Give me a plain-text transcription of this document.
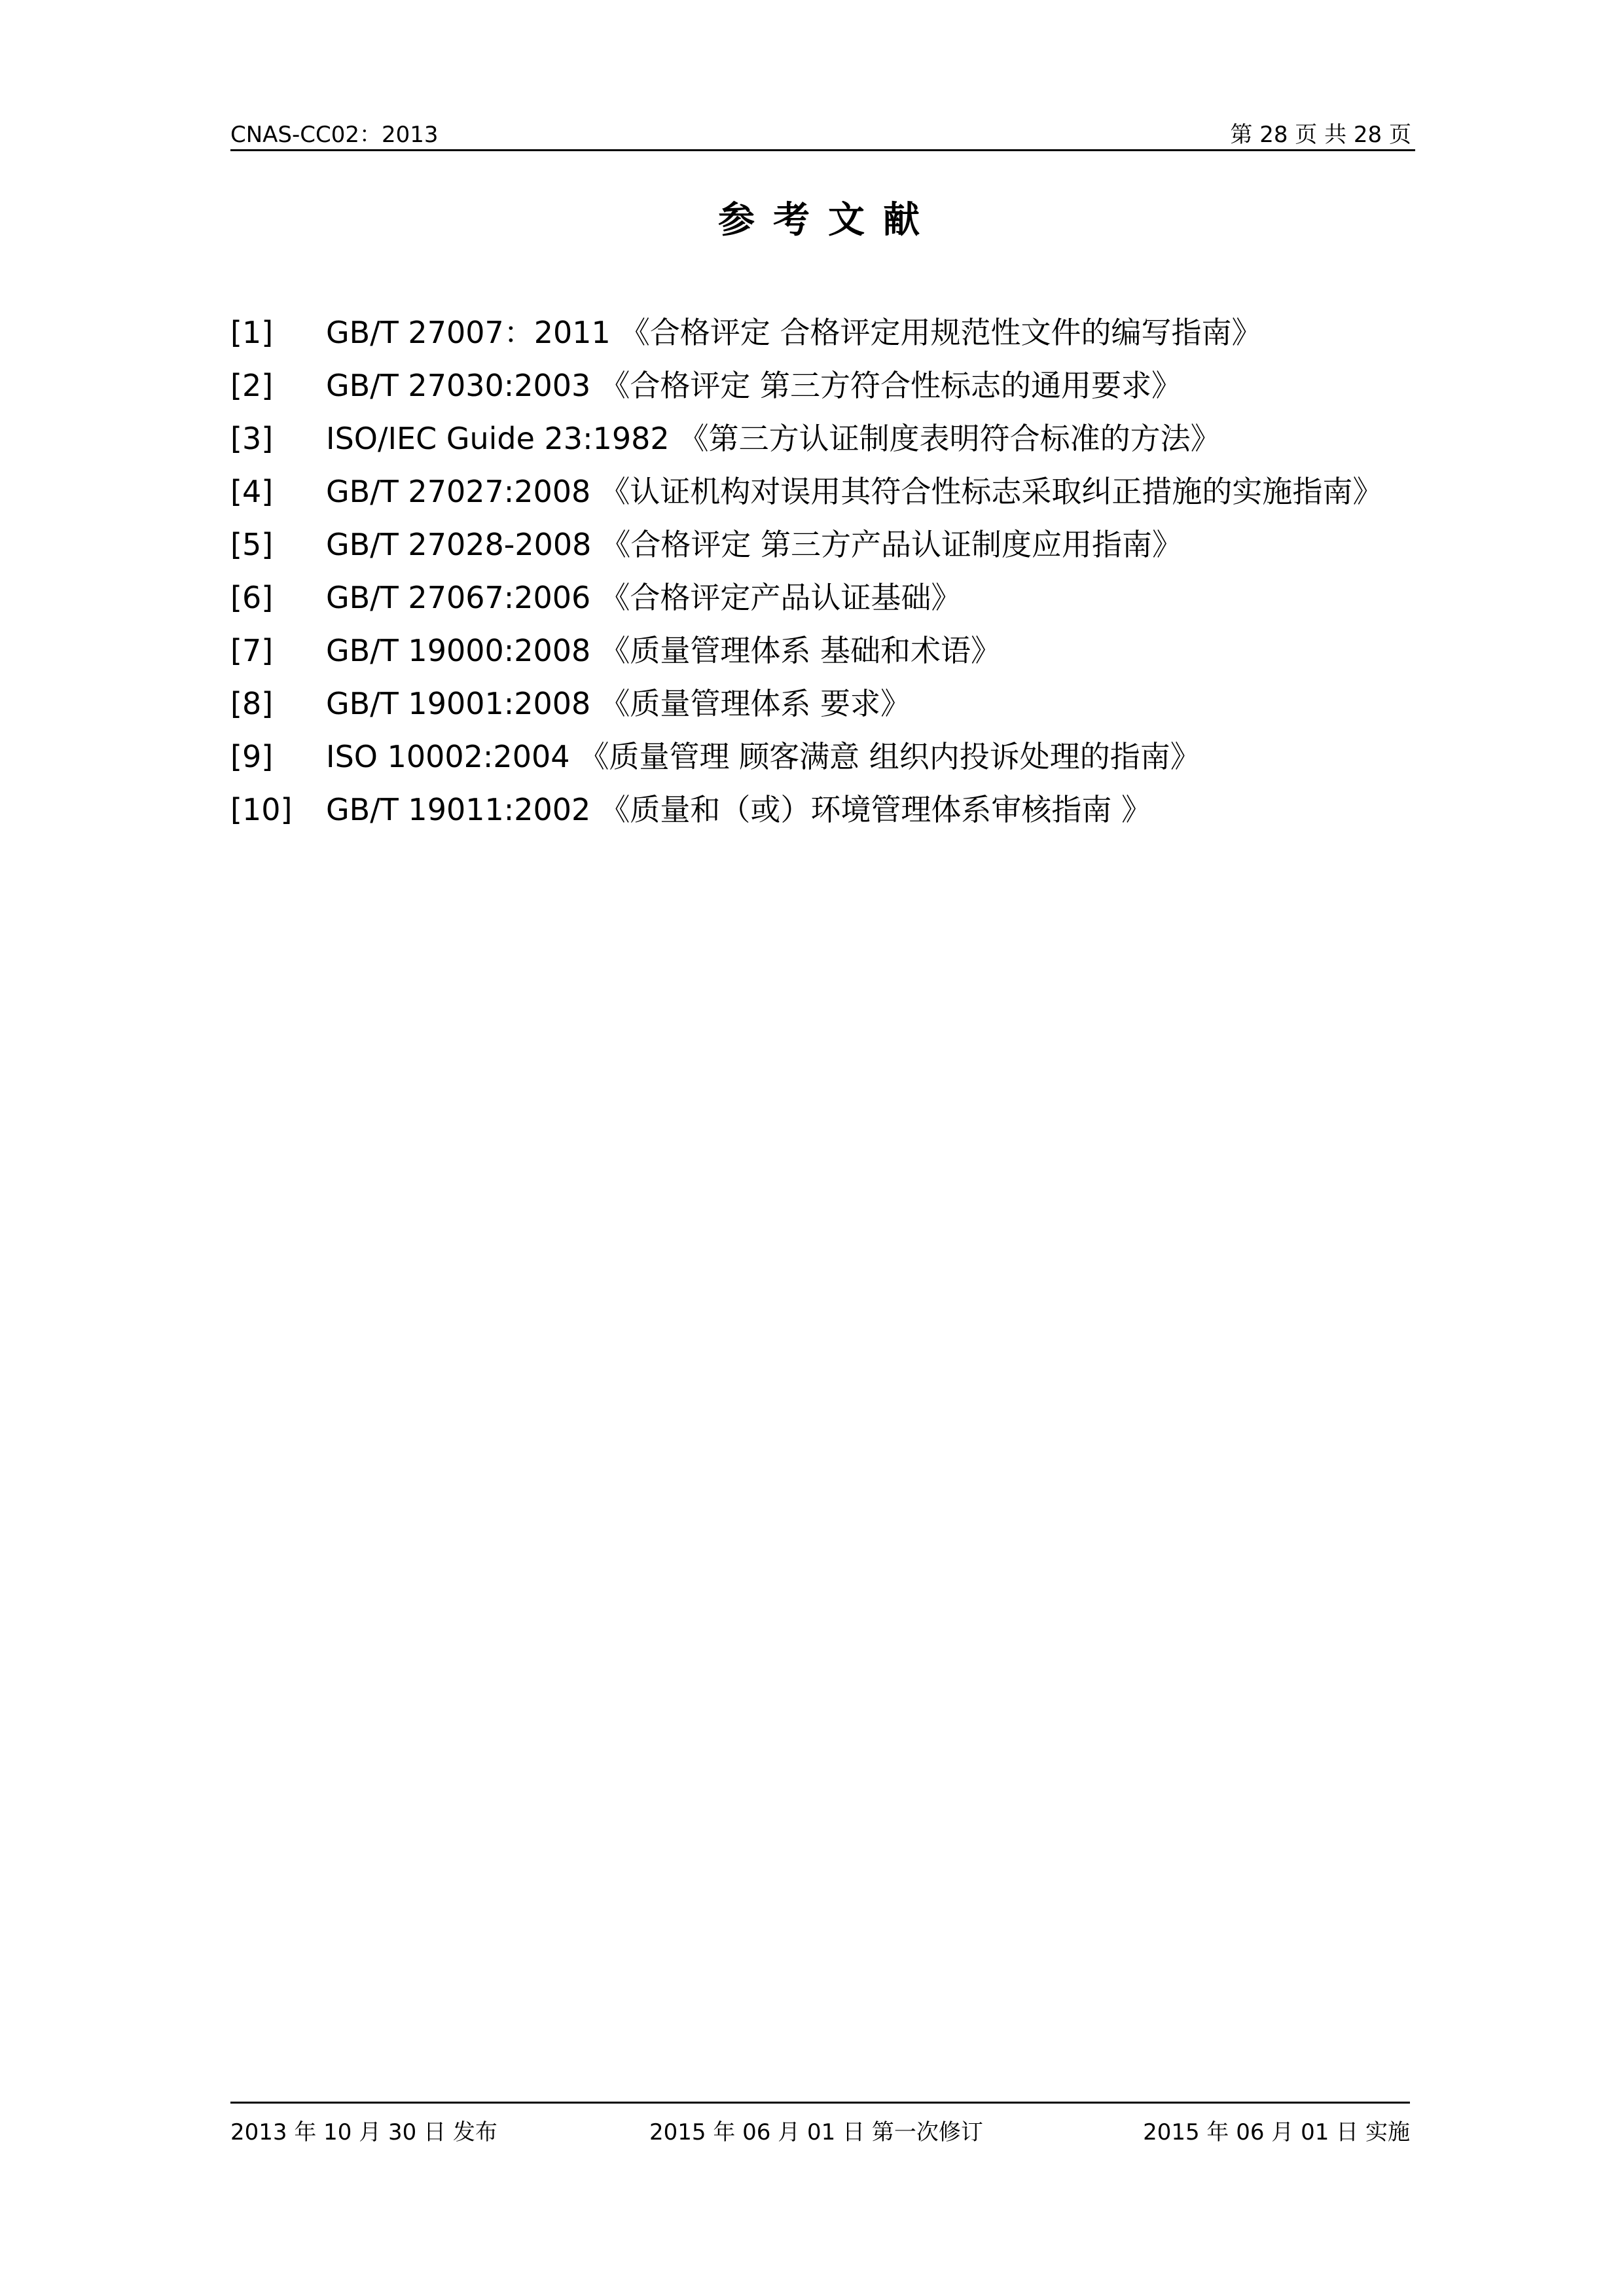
CNAS-CC02：2013	第 28 页 共 28 页
参考文献
[1] GB/T 27007：2011 《合格评定 合格评定用规范性文件的编写指南》
[2] GB/T 27030:2003 《合格评定 第三方符合性标志的通用要求》
[3] ISO/IEC Guide 23:1982 《第三方认证制度表明符合标准的方法》
[4] GB/T 27027:2008 《认证机构对误用其符合性标志采取纠正措施的实施指南》
[5] GB/T 27028-2008 《合格评定 第三方产品认证制度应用指南》
[6] GB/T 27067:2006 《合格评定产品认证基础》
[7] GB/T 19000:2008 《质量管理体系 基础和术语》
[8] GB/T 19001:2008 《质量管理体系 要求》
[9] ISO 10002:2004 《质量管理 顾客满意 组织内投诉处理的指南》
[10] GB/T 19011:2002 《质量和（或）环境管理体系审核指南 》
2013 年 10 月 30 日 发布	2015 年 06 月 01 日 第一次修订	2015 年 06 月 01 日 实施
